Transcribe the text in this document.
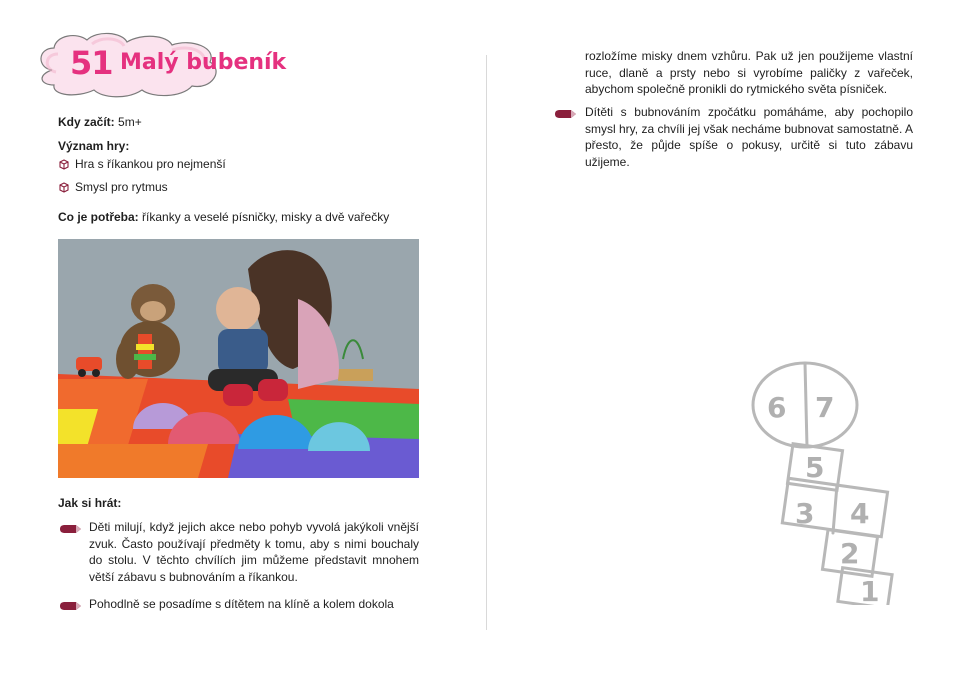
51 Malý bubeník
Kdy začít: 5m+
Význam hry:
Hra s říkankou pro nejmenší
Smysl pro rytmus
Co je potřeba: říkanky a veselé písničky, misky a dvě vařečky
Jak si hrát:
Děti milují, když jejich akce nebo pohyb vyvolá jakýkoli vnější zvuk. Často používají předměty k tomu, aby s nimi bouchaly do stolu. V těchto chvílích jim můžeme představit mnohem větší zábavu s bubnováním a říkankou.
Pohodlně se posadíme s dítětem na klíně a kolem dokola
rozložíme misky dnem vzhůru. Pak už jen použijeme vlastní ruce, dlaně a prsty nebo si vyrobíme paličky z vařeček, abychom společně pronikli do rytmického světa písniček.
Dítěti s bubnováním zpočátku pomáháme, aby pochopilo smysl hry, za chvíli jej však necháme bubnovat samostatně. A přesto, že půjde spíše o pokusy, určitě si tuto zábavu užijeme.
6 7
5
3 4
2
1
